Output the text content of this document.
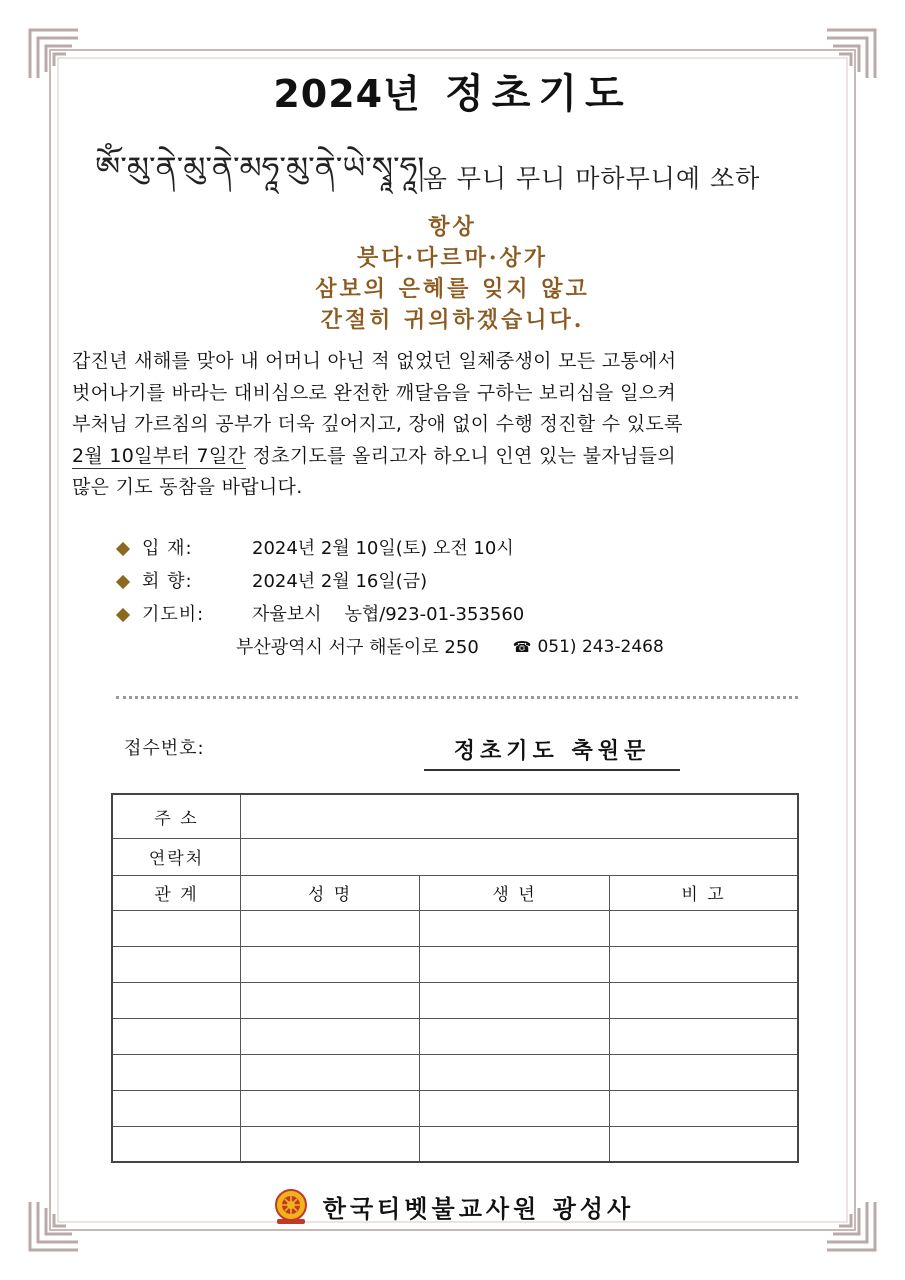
2024년 정초기도
ༀ་མུ་ནེ་མུ་ནེ་མཧཱ་མུ་ནེ་ཡེ་སྭཱ་ཧཱ།
옴 무니 무니 마하무니예 쏘하
항상
붓다·다르마·상가
삼보의 은혜를 잊지 않고
간절히 귀의하겠습니다.
갑진년 새해를 맞아 내 어머니 아닌 적 없었던 일체중생이 모든 고통에서
벗어나기를 바라는 대비심으로 완전한 깨달음을 구하는 보리심을 일으켜
부처님 가르침의 공부가 더욱 깊어지고, 장애 없이 수행 정진할 수 있도록
2월 10일부터 7일간 정초기도를 올리고자 하오니 인연 있는 불자님들의
많은 기도 동참을 바랍니다.
입 재:	2024년 2월 10일(토) 오전 10시
회 향:	2024년 2월 16일(금)
기도비:	자율보시    농협/923-01-353560
부산광역시 서구 해돋이로 250 ☎ 051) 243-2468
접수번호:	정초기도 축원문
주 소			
연락처			
관 계	성 명	생 년	비 고

한국티벳불교사원 광성사
